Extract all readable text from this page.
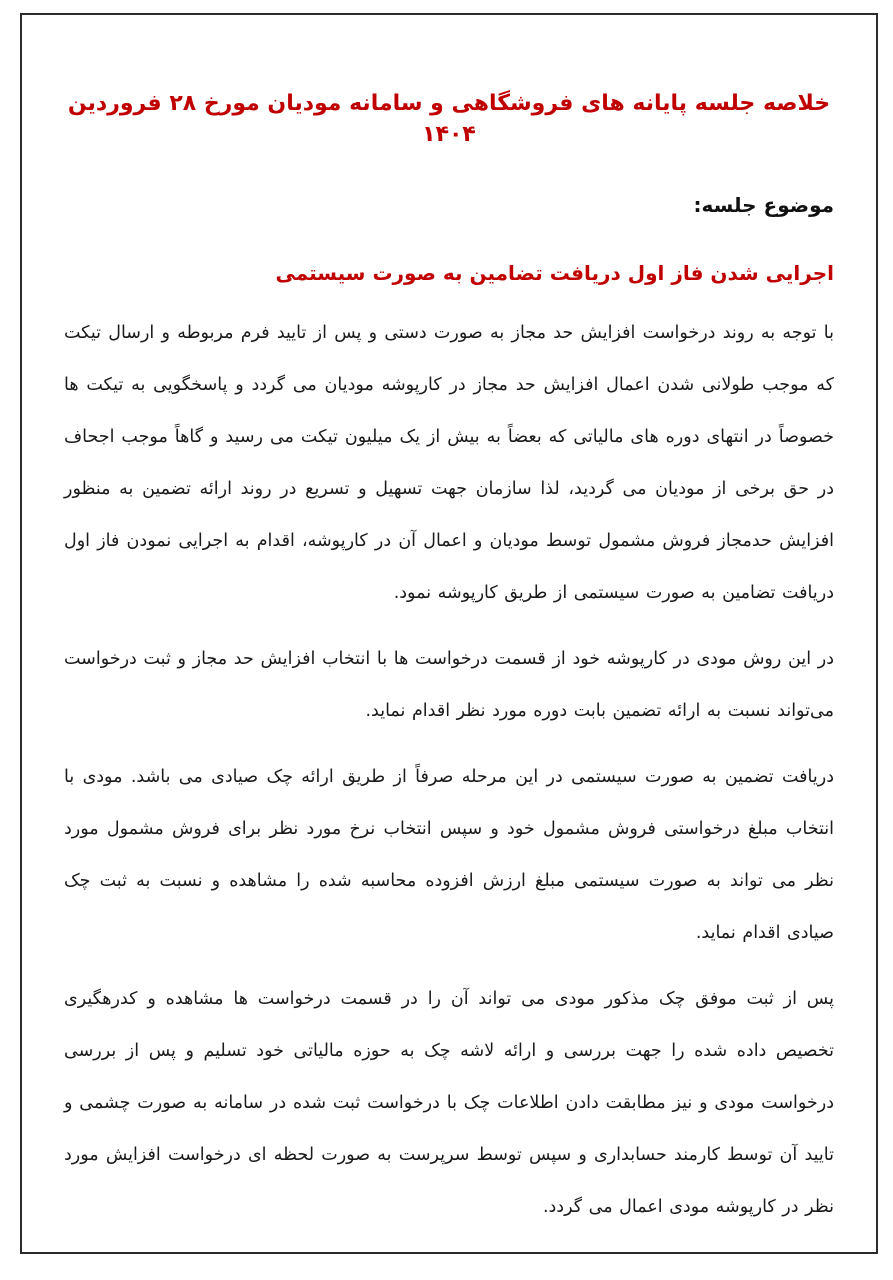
خلاصه جلسه پایانه های فروشگاهی و سامانه مودیان مورخ ۲۸ فروردین ۱۴۰۴
موضوع جلسه:
اجرایی شدن فاز اول دریافت تضامین به صورت سیستمی

با توجه به روند درخواست افزایش حد مجاز به صورت دستی و پس از تایید فرم مربوطه و ارسال تیکت که موجب طولانی شدن اعمال افزایش حد مجاز در کارپوشه مودیان می گردد و پاسخگویی به تیکت ها خصوصاً در انتهای دوره های مالیاتی که بعضاً به بیش از یک میلیون تیکت می رسید و گاهاً موجب اجحاف در حق برخی از مودیان می گردید، لذا سازمان جهت تسهیل و تسریع در روند ارائه تضمین به منظور افزایش حدمجاز فروش مشمول توسط مودیان و اعمال آن در کارپوشه، اقدام به اجرایی نمودن فاز اول دریافت تضامین به صورت سیستمی از طریق کارپوشه نمود.

در این روش مودی در کارپوشه خود از قسمت درخواست ها با انتخاب افزایش حد مجاز و ثبت درخواست می‌تواند نسبت به ارائه تضمین بابت دوره مورد نظر اقدام نماید.

دریافت تضمین به صورت سیستمی در این مرحله صرفاً از طریق ارائه چک صیادی می باشد. مودی با انتخاب مبلغ درخواستی فروش مشمول خود و سپس انتخاب نرخ مورد نظر برای فروش مشمول مورد نظر می تواند به صورت سیستمی مبلغ ارزش افزوده محاسبه شده را مشاهده و نسبت به ثبت چک صیادی اقدام نماید.

پس از ثبت موفق چک مذکور مودی می تواند آن را در قسمت درخواست ها مشاهده و کدرهگیری تخصیص داده شده را جهت بررسی و ارائه لاشه چک به حوزه مالیاتی خود تسلیم و پس از بررسی درخواست مودی و نیز مطابقت دادن اطلاعات چک با درخواست ثبت شده در سامانه به صورت چشمی و تایید آن توسط کارمند حسابداری و سپس توسط سرپرست به صورت لحظه ای درخواست افزایش مورد نظر در کارپوشه مودی اعمال می گردد.
